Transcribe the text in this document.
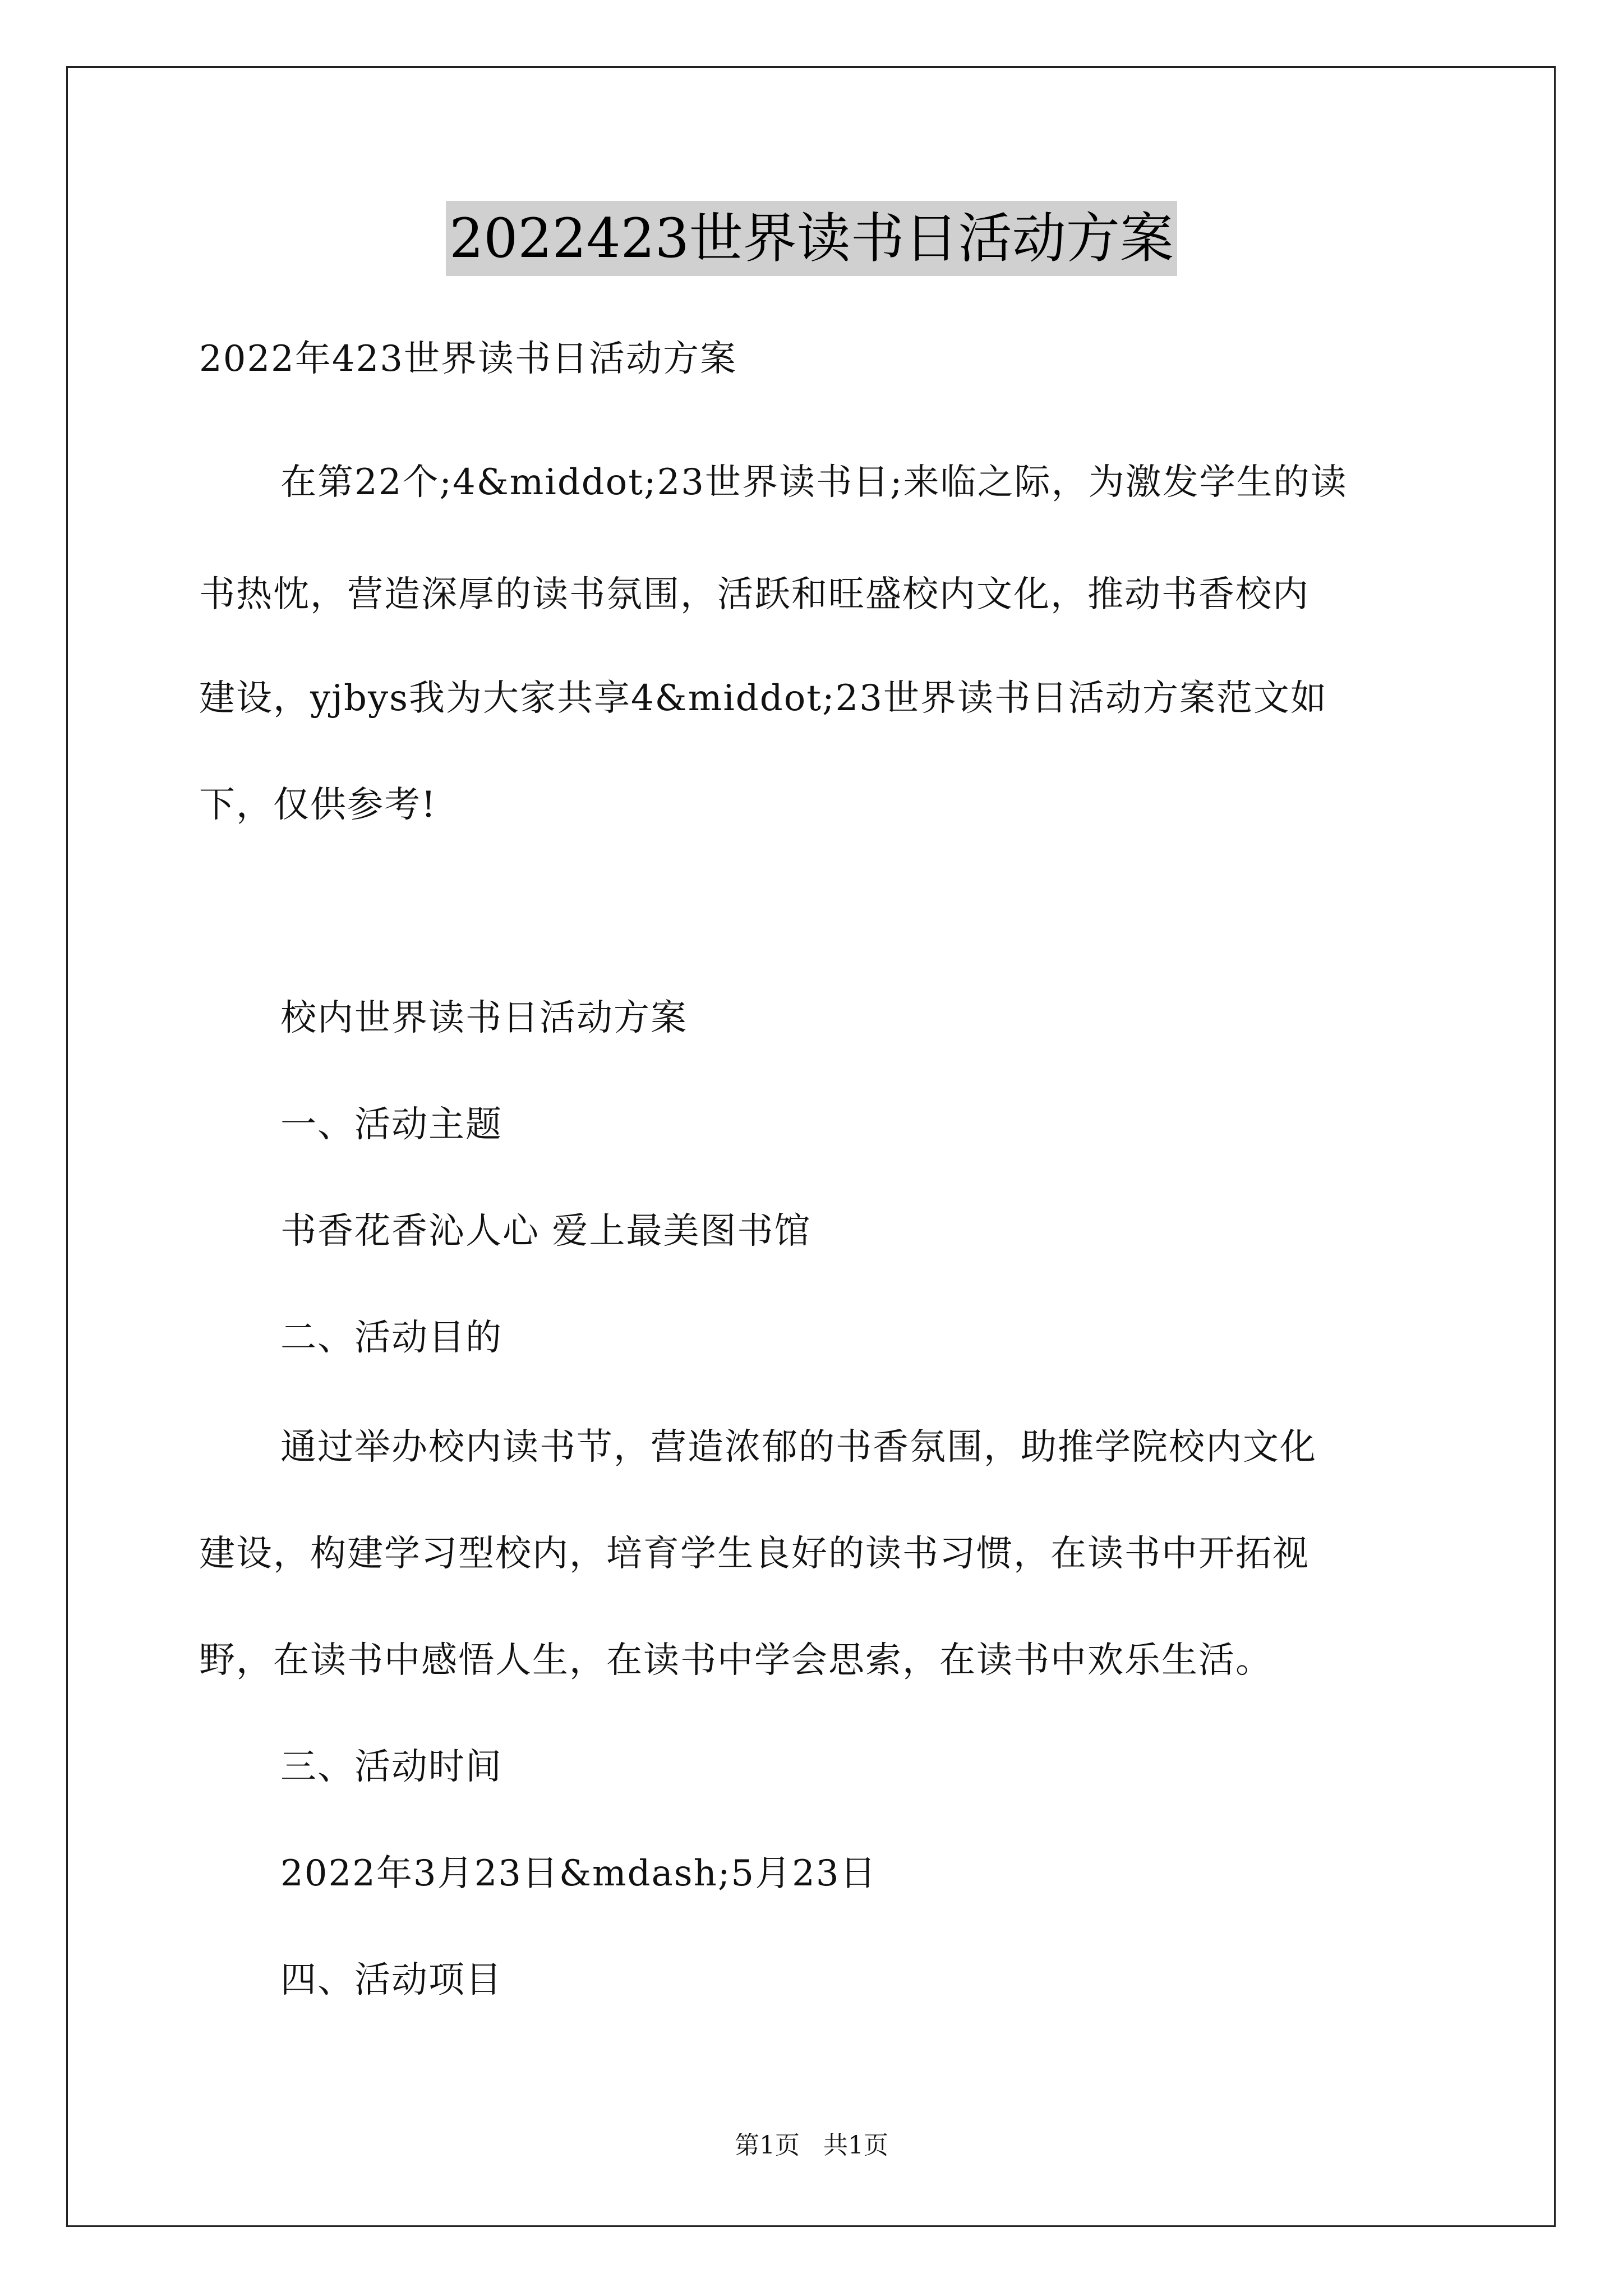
2022423世界读书日活动方案
2022年423世界读书日活动方案
在第22个;4&middot;23世界读书日;来临之际，为激发学生的读
书热忱，营造深厚的读书氛围，活跃和旺盛校内文化，推动书香校内
建设，yjbys我为大家共享4&middot;23世界读书日活动方案范文如
下，仅供参考!
校内世界读书日活动方案
一、活动主题
书香花香沁人心 爱上最美图书馆
二、活动目的
通过举办校内读书节，营造浓郁的书香氛围，助推学院校内文化
建设，构建学习型校内，培育学生良好的读书习惯，在读书中开拓视
野，在读书中感悟人生，在读书中学会思索，在读书中欢乐生活。
三、活动时间
2022年3月23日&mdash;5月23日
四、活动项目
第1页   共1页
